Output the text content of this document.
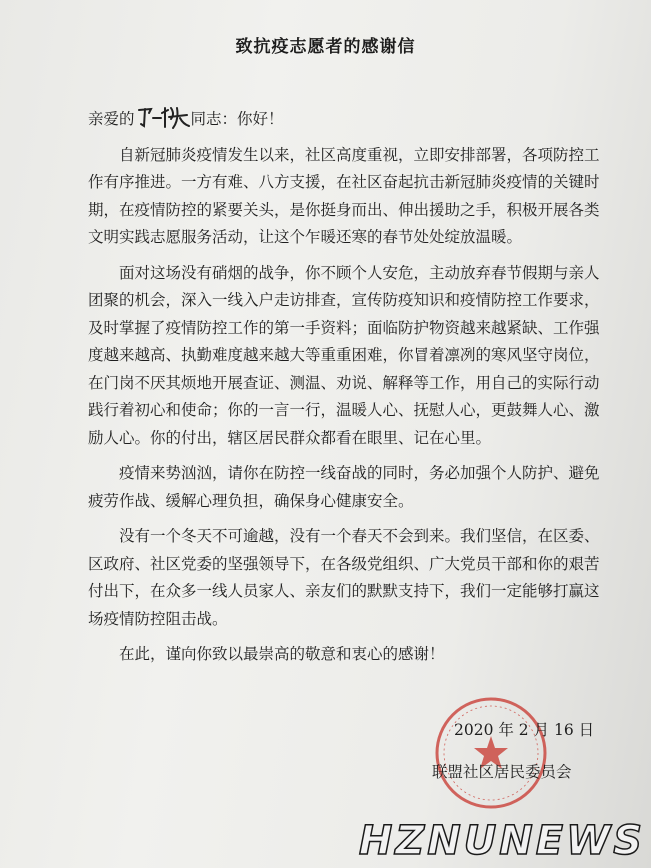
致抗疫志愿者的感谢信
亲爱的	同志：你好！

自新冠肺炎疫情发生以来，社区高度重视，立即安排部署，各项防控工作有序推进。一方有难、八方支援，在社区奋起抗击新冠肺炎疫情的关键时期，在疫情防控的紧要关头，是你挺身而出、伸出援助之手，积极开展各类文明实践志愿服务活动，让这个乍暖还寒的春节处处绽放温暖。

面对这场没有硝烟的战争，你不顾个人安危，主动放弃春节假期与亲人团聚的机会，深入一线入户走访排查，宣传防疫知识和疫情防控工作要求，及时掌握了疫情防控工作的第一手资料；面临防护物资越来越紧缺、工作强度越来越高、执勤难度越来越大等重重困难，你冒着凛冽的寒风坚守岗位，在门岗不厌其烦地开展查证、测温、劝说、解释等工作，用自己的实际行动践行着初心和使命；你的一言一行，温暖人心、抚慰人心，更鼓舞人心、激励人心。你的付出，辖区居民群众都看在眼里、记在心里。

疫情来势汹汹，请你在防控一线奋战的同时，务必加强个人防护、避免疲劳作战、缓解心理负担，确保身心健康安全。

没有一个冬天不可逾越，没有一个春天不会到来。我们坚信，在区委、区政府、社区党委的坚强领导下，在各级党组织、广大党员干部和你的艰苦付出下，在众多一线人员家人、亲友们的默默支持下，我们一定能够打赢这场疫情防控阻击战。

在此，谨向你致以最崇高的敬意和衷心的感谢！

2020 年 2 月 16 日
联盟社区居民委员会
HZNUNEWS
